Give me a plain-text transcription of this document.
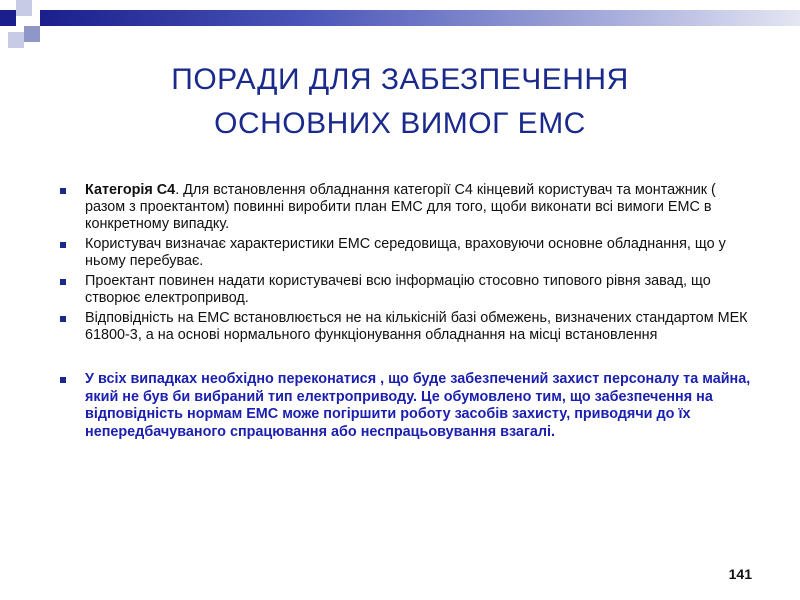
ПОРАДИ ДЛЯ ЗАБЕЗПЕЧЕННЯ
ОСНОВНИХ ВИМОГ ЕМС
Категорія С4. Для встановлення обладнання категорії С4 кінцевий користувач та монтажник ( разом з проектантом) повинні виробити план ЕМС для того, щоби виконати всі вимоги ЕМС в конкретному випадку.
Користувач визначає характеристики ЕМС середовища, враховуючи основне обладнання, що у ньому перебуває.
Проектант повинен надати користувачеві всю інформацію стосовно типового рівня завад, що створює електропривод.
Відповідність на ЕМС встановлюється не на кількісній базі обмежень, визначених стандартом МЕК 61800-3, а на основі нормального функціонування обладнання на місці встановлення
У всіх випадках необхідно переконатися , що буде забезпечений захист персоналу та майна, який не був би вибраний тип електроприводу. Це обумовлено тим, що забезпечення на відповідність нормам ЕМС може погіршити роботу засобів захисту, приводячи до їх непередбачуваного спрацювання або неспрацьовування взагалі.
141
